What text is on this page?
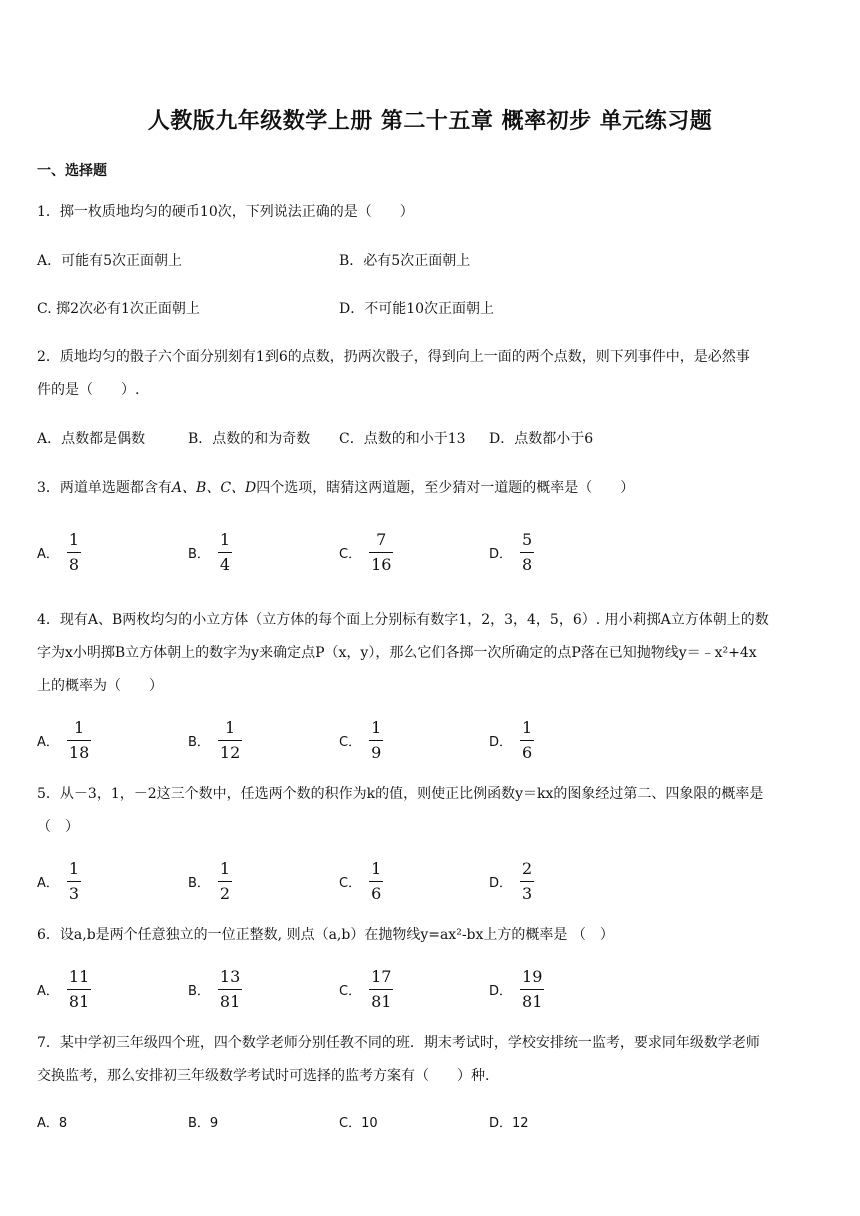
人教版九年级数学上册 第二十五章 概率初步 单元练习题
一、选择题
1．掷一枚质地均匀的硬币10次，下列说法正确的是（　　）
A．可能有5次正面朝上	B．必有5次正面朝上
C. 掷2次必有1次正面朝上	D．不可能10次正面朝上
2．质地均匀的骰子六个面分别刻有1到6的点数，扔两次骰子，得到向上一面的两个点数，则下列事件中，是必然事
件的是（　　）.
A．点数都是偶数	B．点数的和为奇数 C．点数的和小于13 D．点数都小于6
3．两道单选题都含有A、B、C、D四个选项，瞎猜这两道题，至少猜对一道题的概率是（　　）
A． $\frac{1}{8}$	B． $\frac{1}{4}$	C． $\frac{7}{16}$	D． $\frac{5}{8}$
4．现有A、B两枚均匀的小立方体（立方体的每个面上分别标有数字1，2，3，4，5，6）. 用小莉掷A立方体朝上的数
字为x小明掷B立方体朝上的数字为y来确定点P（x，y），那么它们各掷一次所确定的点P落在已知抛物线y＝﹣x²+4x
上的概率为（　　）
A． $\frac{1}{18}$	B． $\frac{1}{12}$	C． $\frac{1}{9}$	D． $\frac{1}{6}$
5．从－3，1，－2这三个数中，任选两个数的积作为k的值，则使正比例函数y＝kx的图象经过第二、四象限的概率是
（　）
A． $\frac{1}{3}$	B． $\frac{1}{2}$	C． $\frac{1}{6}$	D． $\frac{2}{3}$
6．设a,b是两个任意独立的一位正整数, 则点（a,b）在抛物线y=ax²-bx上方的概率是 （　）
A． $\frac{11}{81}$	B． $\frac{13}{81}$	C． $\frac{17}{81}$	D． $\frac{19}{81}$
7．某中学初三年级四个班，四个数学老师分别任教不同的班．期末考试时，学校安排统一监考，要求同年级数学老师
交换监考，那么安排初三年级数学考试时可选择的监考方案有（　　）种.
A．8	B．9	C．10	D．12
